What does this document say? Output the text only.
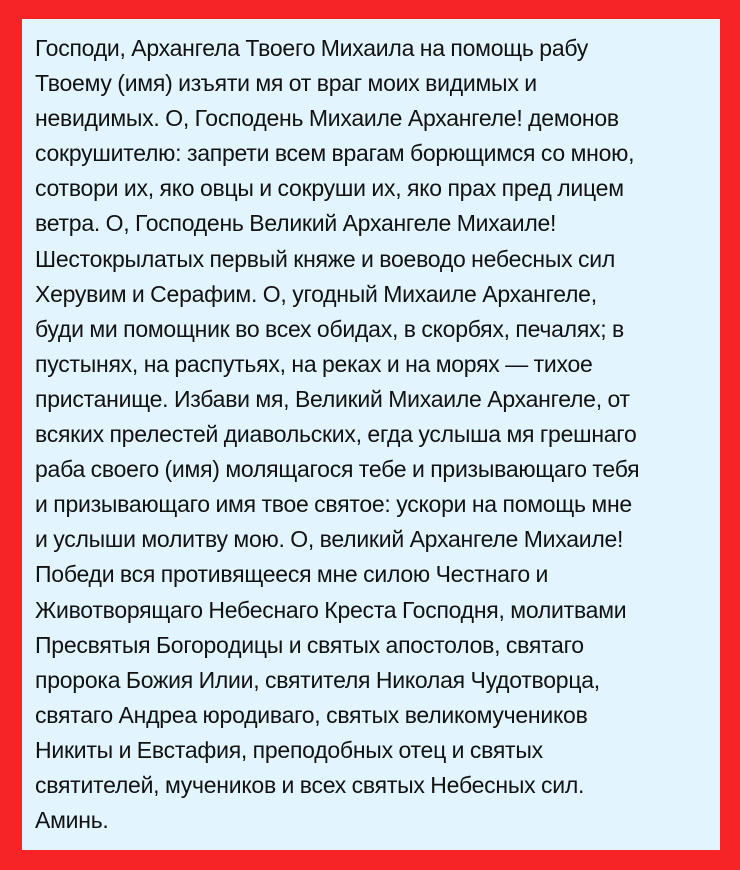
Господи, Архангела Твоего Михаила на помощь рабу
Твоему (имя) изъяти мя от враг моих видимых и
невидимых. О, Господень Михаиле Архангеле! демонов
сокрушителю: запрети всем врагам борющимся со мною,
сотвори их, яко овцы и сокруши их, яко прах пред лицем
ветра. О, Господень Великий Архангеле Михаиле!
Шестокрылатых первый княже и воеводо небесных сил
Херувим и Серафим. О, угодный Михаиле Архангеле,
буди ми помощник во всех обидах, в скорбях, печалях; в
пустынях, на распутьях, на реках и на морях — тихое
пристанище. Избави мя, Великий Михаиле Архангеле, от
всяких прелестей диавольских, егда услыша мя грешнаго
раба своего (имя) молящагося тебе и призывающаго тебя
и призывающаго имя твое святое: ускори на помощь мне
и услыши молитву мою. О, великий Архангеле Михаиле!
Победи вся противящееся мне силою Честнаго и
Животворящаго Небеснаго Креста Господня, молитвами
Пресвятыя Богородицы и святых апостолов, святаго
пророка Божия Илии, святителя Николая Чудотворца,
святаго Андреа юродиваго, святых великомучеников
Никиты и Евстафия, преподобных отец и святых
святителей, мучеников и всех святых Небесных сил.
Аминь.
